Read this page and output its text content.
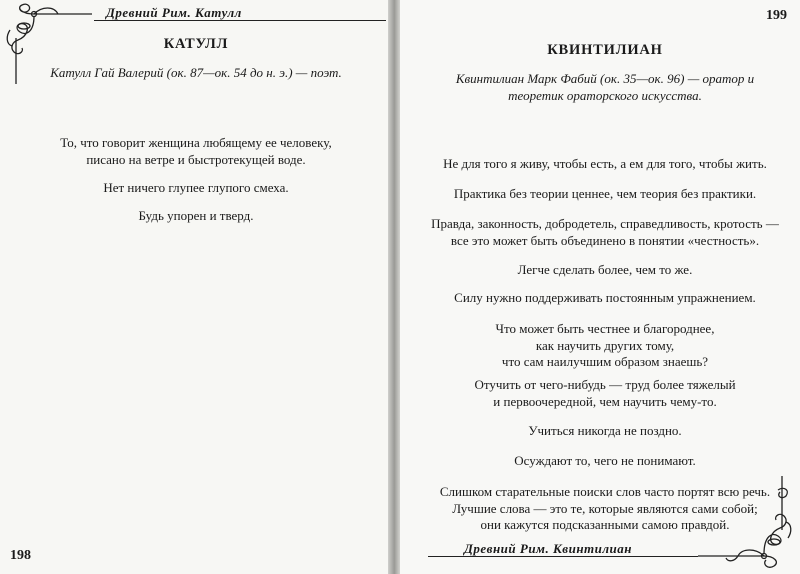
Древний Рим. Катулл
КАТУЛЛ
Катулл Гай Валерий (ок. 87—ок. 54 до н. э.) — поэт.
То, что говорит женщина любящему ее человеку,
писано на ветре и быстротекущей воде.
Нет ничего глупее глупого смеха.
Будь упорен и тверд.
198
199
КВИНТИЛИАН
Квинтилиан Марк Фабий (ок. 35—ок. 96) — оратор и
теоретик ораторского искусства.
Не для того я живу, чтобы есть, а ем для того, чтобы жить.
Практика без теории ценнее, чем теория без практики.
Правда, законность, добродетель, справедливость, кротость —
все это может быть объединено в понятии «честность».
Легче сделать более, чем то же.
Силу нужно поддерживать постоянным упражнением.
Что может быть честнее и благороднее,
как научить других тому,
что сам наилучшим образом знаешь?
Отучить от чего-нибудь — труд более тяжелый
и первоочередной, чем научить чему-то.
Учиться никогда не поздно.
Осуждают то, чего не понимают.
Слишком старательные поиски слов часто портят всю речь.
Лучшие слова — это те, которые являются сами собой;
они кажутся подсказанными самою правдой.
Древний Рим. Квинтилиан
